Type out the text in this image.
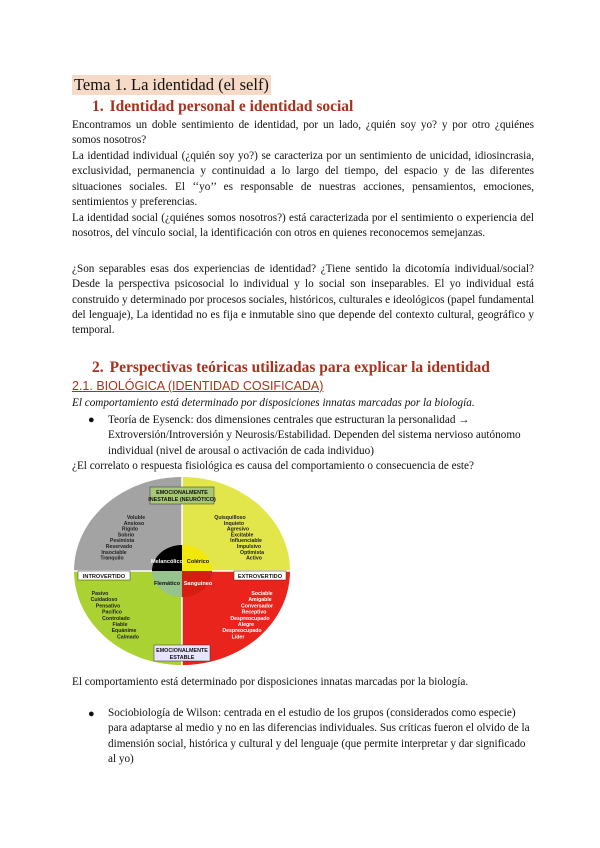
Tema 1. La identidad (el self)
1. Identidad personal e identidad social
Encontramos un doble sentimiento de identidad, por un lado, ¿quién soy yo? y por otro ¿quiénes somos nosotros?
La identidad individual (¿quién soy yo?) se caracteriza por un sentimiento de unicidad, idiosincrasia, exclusividad, permanencia y continuidad a lo largo del tiempo, del espacio y de las diferentes situaciones sociales. El ‘‘yo’’ es responsable de nuestras acciones, pensamientos, emociones, sentimientos y preferencias.
La identidad social (¿quiénes somos nosotros?) está caracterizada por el sentimiento o experiencia del nosotros, del vínculo social, la identificación con otros en quienes reconocemos semejanzas.
¿Son separables esas dos experiencias de identidad? ¿Tiene sentido la dicotomía individual/social? Desde la perspectiva psicosocial lo individual y lo social son inseparables. El yo individual está construido y determinado por procesos sociales, históricos, culturales e ideológicos (papel fundamental del lenguaje), La identidad no es fija e inmutable sino que depende del contexto cultural, geográfico y temporal.
2. Perspectivas teóricas utilizadas para explicar la identidad
2.1. BIOLÓGICA (IDENTIDAD COSIFICADA)
El comportamiento está determinado por disposiciones innatas marcadas por la biología.
● Teoría de Eysenck: dos dimensiones centrales que estructuran la personalidad → Extroversión/Introversión y Neurosis/Estabilidad. Dependen del sistema nervioso autónomo individual (nivel de arousal o activación de cada individuo)
¿El correlato o respuesta fisiológica es causa del comportamiento o consecuencia de este?
EMOCIONALMENTE
INESTABLE (NEURÓTICO)
EMOCIONALMENTE
ESTABLE
INTROVERTIDO	EXTROVERTIDO
Melancólico Colérico
Flemático Sanguíneo
Voluble
Ansioso
Rígido
Sobrio
Pesimista
Reservado
Insociable
Tranquilo
Quisquilloso
Inquieto
Agresivo
Excitable
Influenciable
Impulsivo
Optimista
Activo
Pasivo
Cuidadoso
Pensativo
Pacífico
Controlado
Fiable
Equánime
Calmado
Sociable
Amigable
Conversador
Receptivo
Despreocupado
Alegre
Despreocupado
Líder
El comportamiento está determinado por disposiciones innatas marcadas por la biología.
● Sociobiología de Wilson: centrada en el estudio de los grupos (considerados como especie) para adaptarse al medio y no en las diferencias individuales. Sus críticas fueron el olvido de la dimensión social, histórica y cultural y del lenguaje (que permite interpretar y dar significado al yo)
